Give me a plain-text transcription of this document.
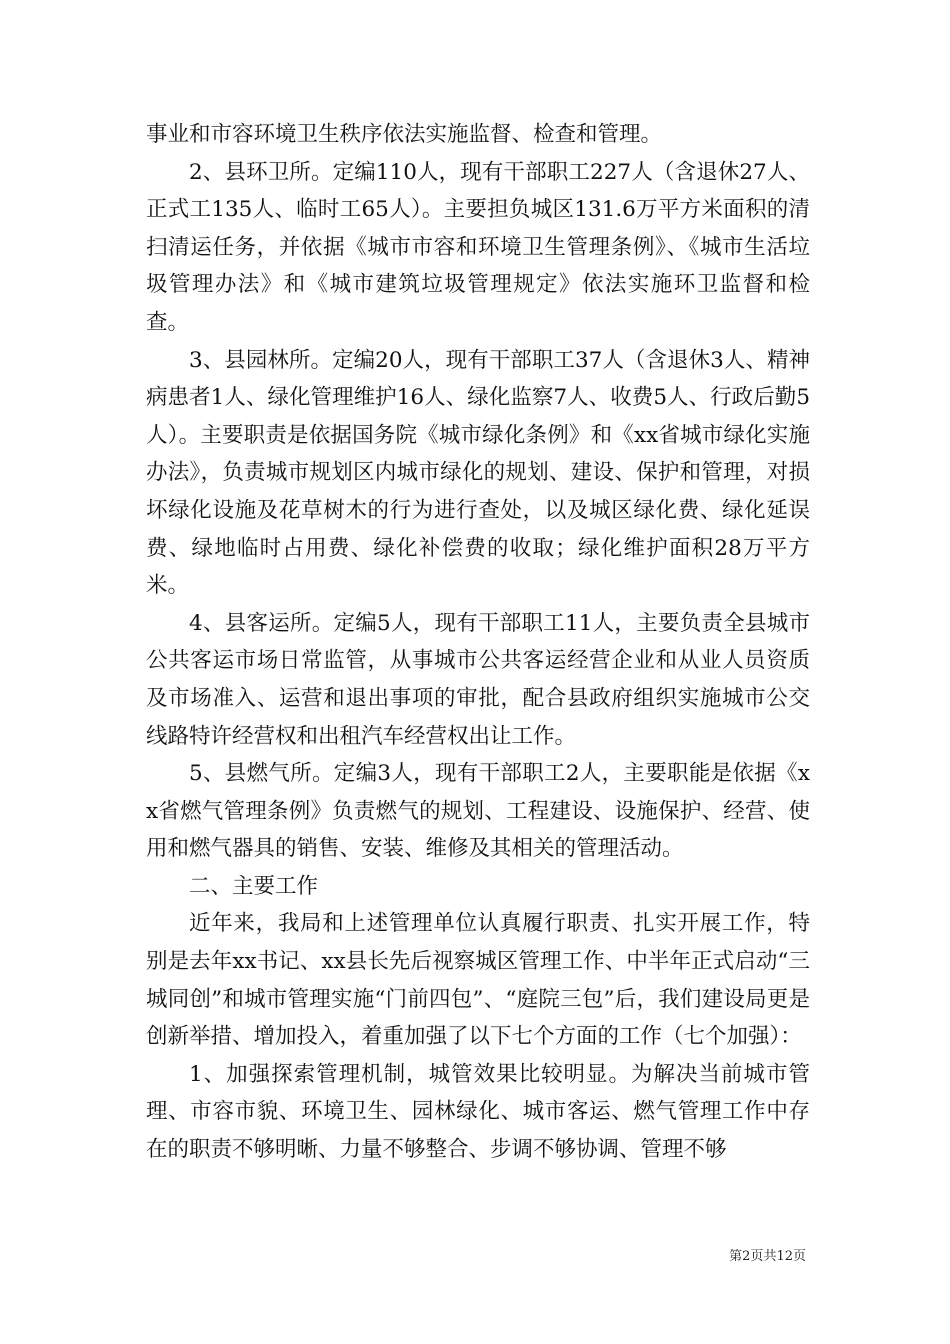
事业和市容环境卫生秩序依法实施监督、检查和管理。

2、县环卫所。定编110人，现有干部职工227人（含退休27人、正式工135人、临时工65人）。主要担负城区131.6万平方米面积的清扫清运任务，并依据《城市市容和环境卫生管理条例》、《城市生活垃圾管理办法》和《城市建筑垃圾管理规定》依法实施环卫监督和检查。

3、县园林所。定编20人，现有干部职工37人（含退休3人、精神病患者1人、绿化管理维护16人、绿化监察7人、收费5人、行政后勤5人）。主要职责是依据国务院《城市绿化条例》和《xx省城市绿化实施办法》，负责城市规划区内城市绿化的规划、建设、保护和管理，对损坏绿化设施及花草树木的行为进行查处，以及城区绿化费、绿化延误费、绿地临时占用费、绿化补偿费的收取；绿化维护面积28万平方米。

4、县客运所。定编5人，现有干部职工11人，主要负责全县城市公共客运市场日常监管，从事城市公共客运经营企业和从业人员资质及市场准入、运营和退出事项的审批，配合县政府组织实施城市公交线路特许经营权和出租汽车经营权出让工作。

5、县燃气所。定编3人，现有干部职工2人，主要职能是依据《xx省燃气管理条例》负责燃气的规划、工程建设、设施保护、经营、使用和燃气器具的销售、安装、维修及其相关的管理活动。

二、主要工作

近年来，我局和上述管理单位认真履行职责、扎实开展工作，特别是去年xx书记、xx县长先后视察城区管理工作、中半年正式启动“三城同创”和城市管理实施“门前四包”、“庭院三包”后，我们建设局更是创新举措、增加投入，着重加强了以下七个方面的工作（七个加强）：

1、加强探索管理机制，城管效果比较明显。为解决当前城市管理、市容市貌、环境卫生、园林绿化、城市客运、燃气管理工作中存在的职责不够明晰、力量不够整合、步调不够协调、管理不够

第2页共12页
